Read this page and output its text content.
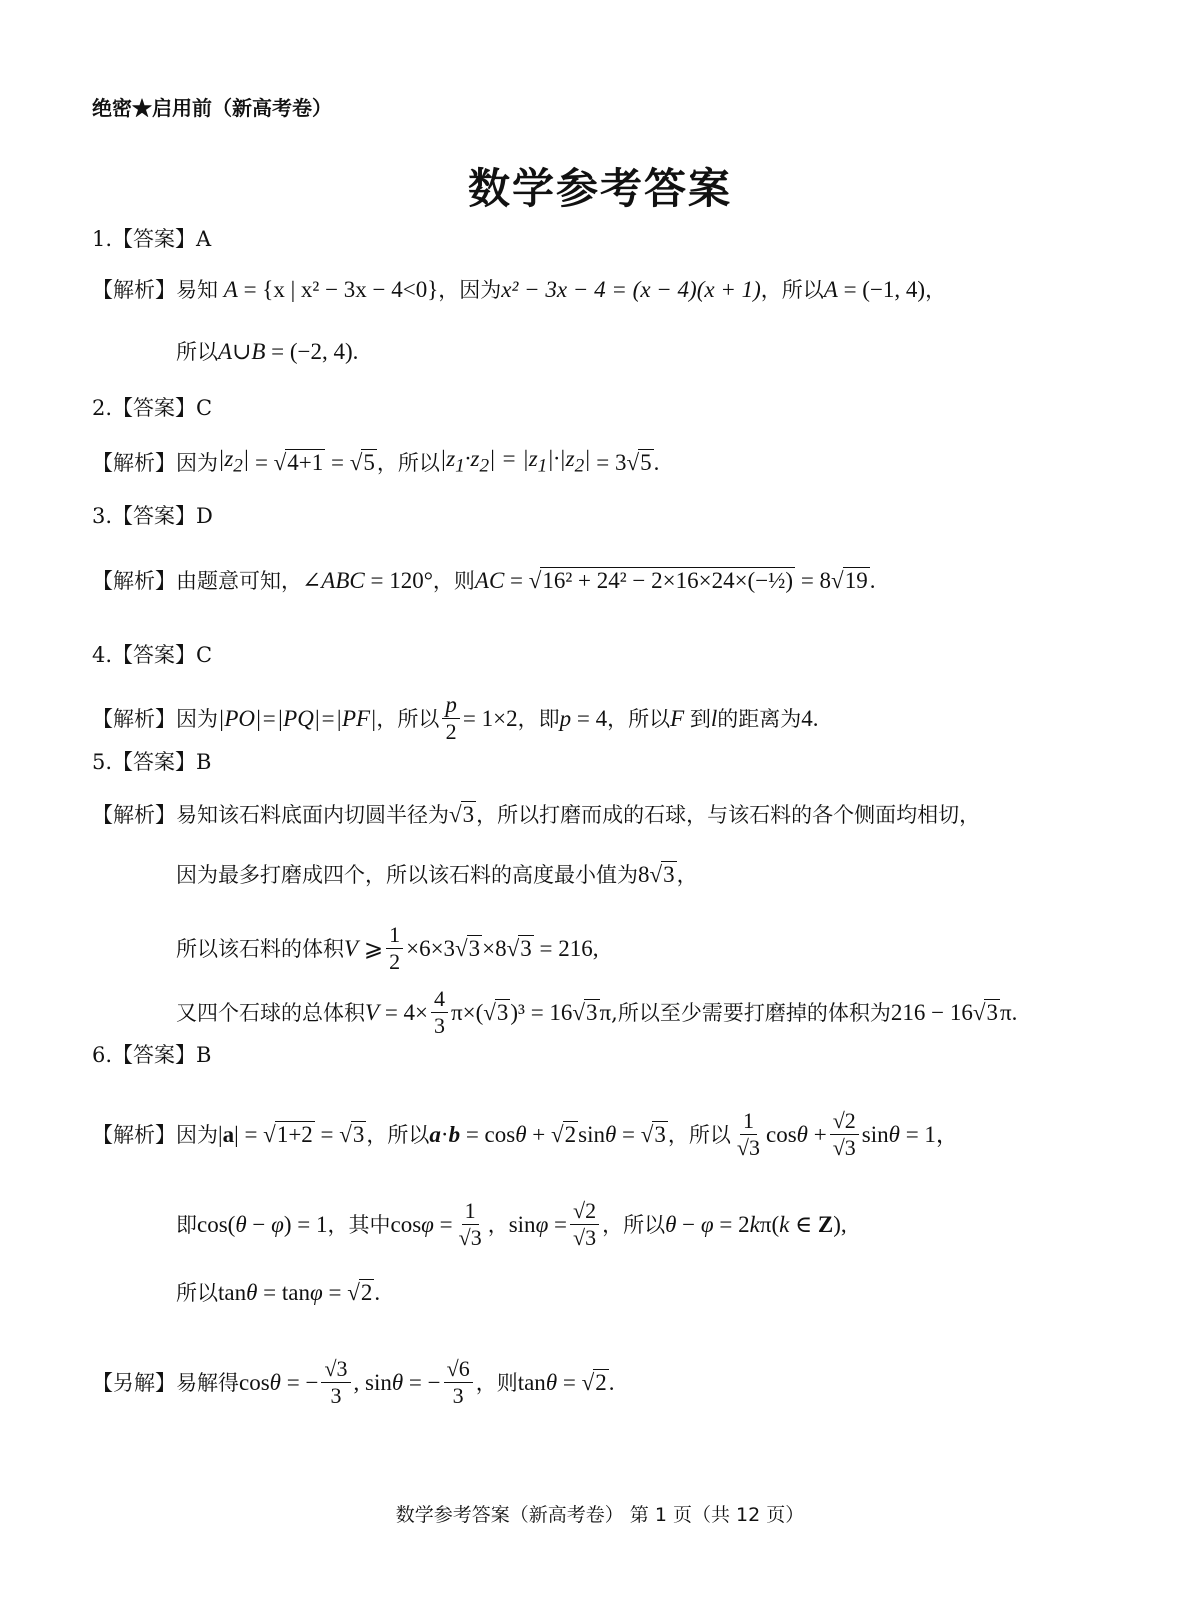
绝密★启用前（新高考卷）
数学参考答案
1.【答案】A
【解析】 易知 A = {x | x² − 3x − 4<0} ，因为 x² − 3x − 4 = (x − 4)(x + 1) ，所以 A = (−1, 4) ，
所以 A ∪ B = (−2, 4).
2.【答案】C
【解析】 因为 $|z_2| = √4+1 = √5$ ，所以 $|z_1\cdot z_2| = |z_1|\cdot|z_2| = 3√5$.
3.【答案】D
【解析】 由题意可知， ∠ABC = 120° ，则 AC = √16² + 24² − 2×16×24×(−½) = 8√19.
4.【答案】C
【解析】 因为 |PO|=|PQ|=|PF| ，所以 $\frac{p}{2} = 1\times 2$ ，即 p = 4 ，所以 F 到 l 的距离为 4.
5.【答案】B
【解析】 易知该石料底面内切圆半径为 √3 ，所以打磨而成的石球，与该石料的各个侧面均相切，
因为最多打磨成四个，所以该石料的高度最小值为 8√3 ，
所以该石料的体积 V ⩾ $\frac{1}{2} \times 6\times 3√3\times 8√3 = 216$,
又四个石球的总体积 $V = 4\times \frac{4}{3} \pi\times(√3)^3 = 16√3\pi$ ,所以至少需要打磨掉的体积为 216 − 16√3π.
6.【答案】B
【解析】 因为 |a| = √1+2 = √3 ，所以 a·b = cosθ + √2sinθ = √3 ，所以 $\frac{1}{√3}$ $\cos\theta + \frac{√2}{√3}$ sinθ = 1，
即 cos(θ − φ) = 1 ，其中 $\cos\varphi = \frac{1}{√3}$ ， $\sin\varphi = \frac{√2}{√3}$ ，所以 θ − φ = 2kπ(k ∈ Z),
所以 tanθ = tanφ = √2.
【另解】 易解得 cosθ = − $\frac{√3}{3}$ , sinθ = − $\frac{√6}{3}$ ，则 tanθ = √2.
数学参考答案（新高考卷） 第 1 页（共 12 页）
